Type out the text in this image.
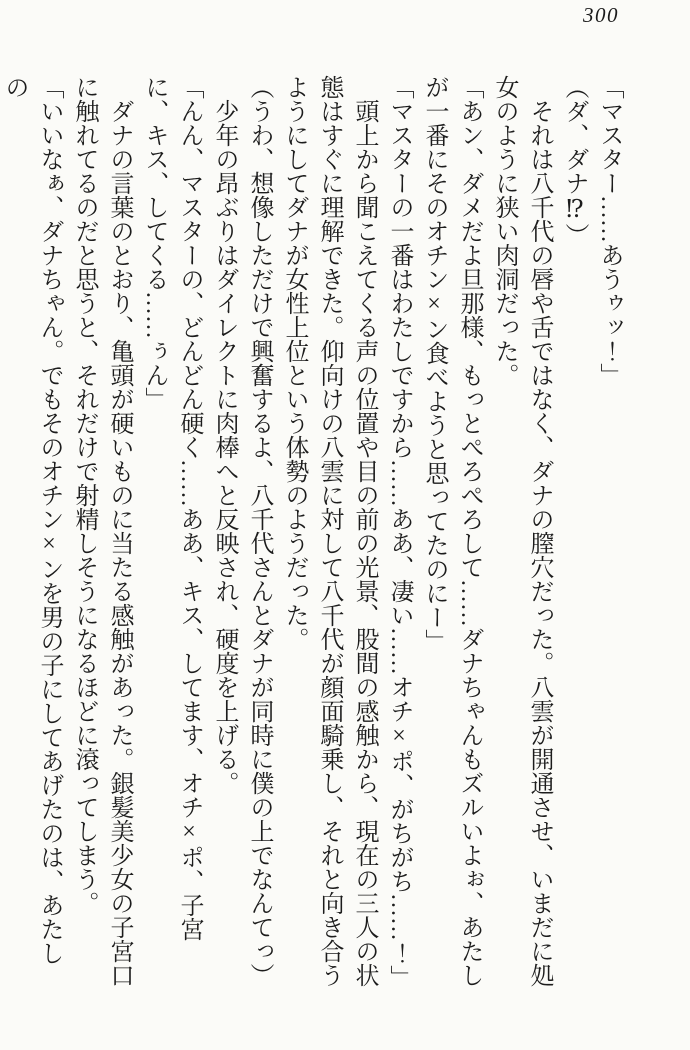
300

「マスター……あうゥッ！」

（ダ、ダナ⁉）

それは八千代の唇や舌ではなく、ダナの膣穴だった。八雲が開通させ、いまだに処女のように狭い肉洞だった。

「あン、ダメだよ旦那様、もっとぺろぺろして……ダナちゃんもズルいよぉ、あたしが一番にそのオチン×ン食べようと思ってたのにー」

「マスターの一番はわたしですから……ああ、凄い……オチ×ポ、がちがち……！」

頭上から聞こえてくる声の位置や目の前の光景、股間の感触から、現在の三人の状態はすぐに理解できた。仰向けの八雲に対して八千代が顔面騎乗し、それと向き合うようにしてダナが女性上位という体勢のようだった。

（うわ、想像しただけで興奮するよ、八千代さんとダナが同時に僕の上でなんてっ）

少年の昂ぶりはダイレクトに肉棒へと反映され、硬度を上げる。

「んん、マスターの、どんどん硬く……ああ、キス、してます、オチ×ポ、子宮に、キス、してくる……ぅん」

ダナの言葉のとおり、亀頭が硬いものに当たる感触があった。銀髪美少女の子宮口に触れてるのだと思うと、それだけで射精しそうになるほどに滾ってしまう。

「いいなぁ、ダナちゃん。でもそのオチン×ンを男の子にしてあげたのは、あたしの
